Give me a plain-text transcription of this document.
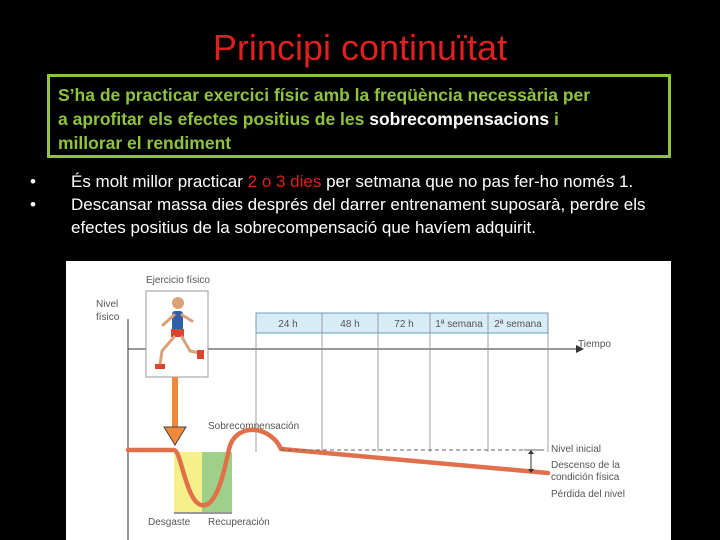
Principi continuïtat

S’ha de practicar exercici físic amb la freqüència necessària per

a aprofitar els efectes positius de les sobrecompensacions i

millorar el rendiment

• És molt millor practicar 2 o 3 dies per setmana que no pas fer-ho només 1.
• Descansar massa dies després del darrer entrenament suposarà, perdre els
efectes positius de la sobrecompensació que havíem adquirit.
24 h	48 h	72 h 1ª semana 2ª semana
Tiempo
Ejercicio físico
Nivel
físico
Sobrecompensación
Nivel inicial
Descenso de la
condición física
Pérdida del nivel
Desgaste Recuperación
